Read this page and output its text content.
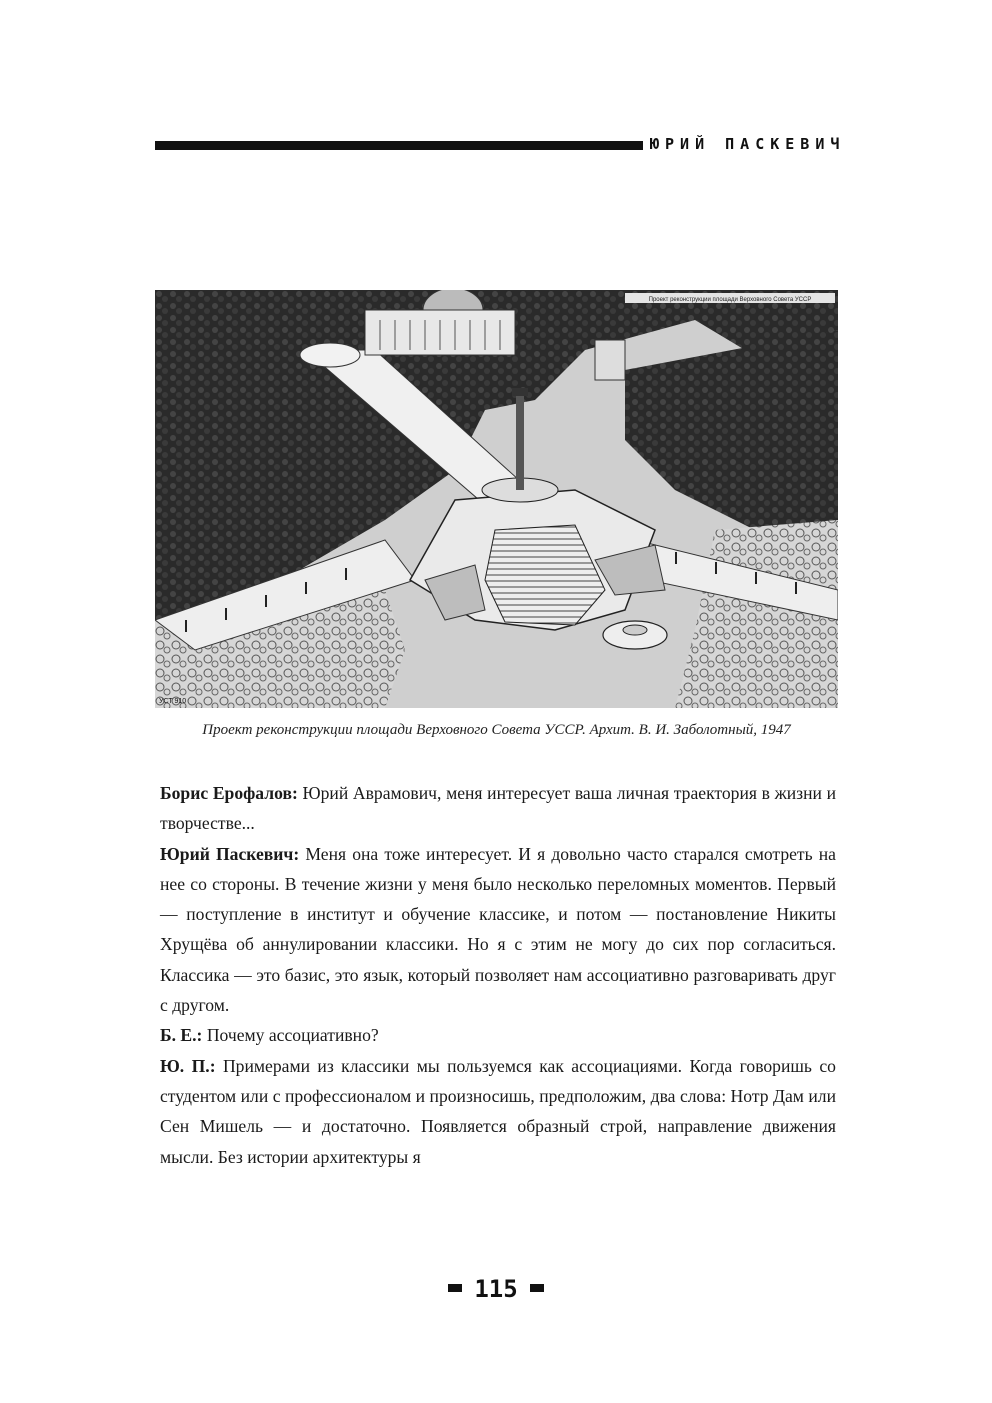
ЮРИЙ ПАСКЕВИЧ
Проект реконструкции площади Верховного Совета УССР
УСТ 910
Проект реконструкции площади Верховного Совета УССР. Архит. В. И. Заболотный, 1947

Борис Ерофалов: Юрий Аврамович, меня интересует ваша личная траектория в жизни и творчестве...

Юрий Паскевич: Меня она тоже интересует. И я довольно часто старался смотреть на нее со стороны. В течение жизни у меня было несколько переломных моментов. Первый — поступление в институт и обучение классике, и потом — постановление Никиты Хрущёва об аннулировании классики. Но я с этим не могу до сих пор согласиться. Классика — это базис, это язык, который позволяет нам ассоциативно разговаривать друг с другом.

Б. Е.: Почему ассоциативно?

Ю. П.: Примерами из классики мы пользуемся как ассоциациями. Когда говоришь со студентом или с профессионалом и произносишь, предположим, два слова: Нотр Дам или Сен Мишель — и достаточно. Появляется образный строй, направление движения мысли. Без истории архитектуры я

115
